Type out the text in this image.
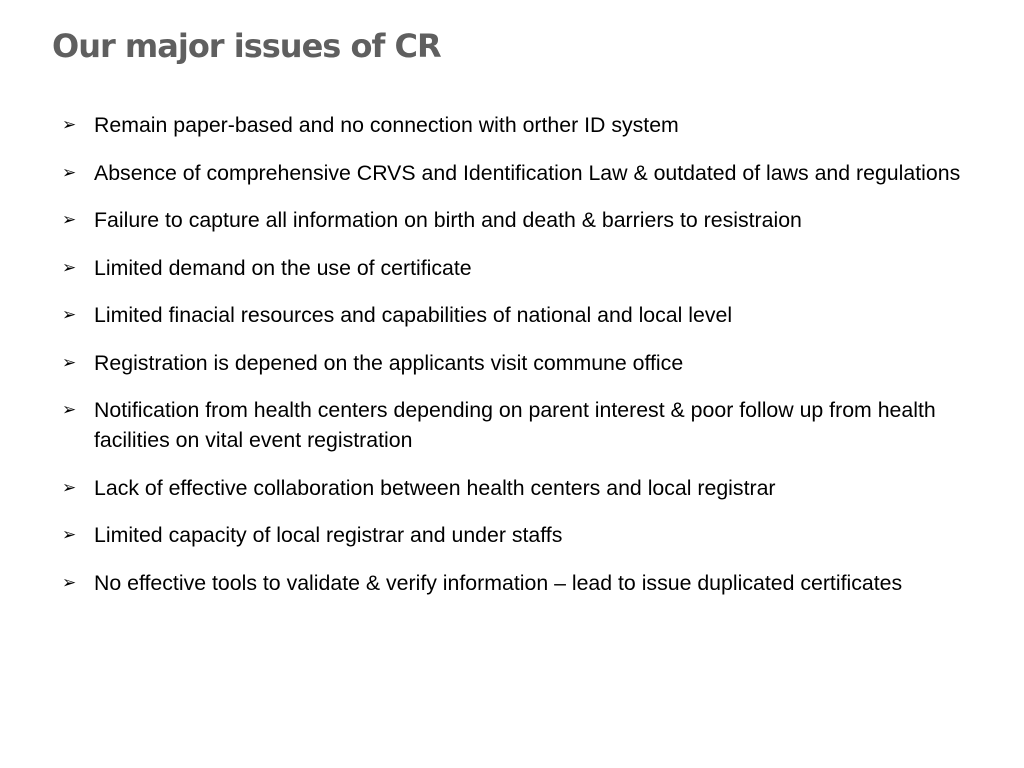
Our major issues of CR
➢ Remain paper-based and no connection with orther ID system
➢ Absence of comprehensive CRVS and Identification Law & outdated of laws and regulations
➢ Failure to capture all information on birth and death & barriers to resistraion
➢ Limited demand on the use of certificate
➢ Limited finacial resources and capabilities of national and local level
➢ Registration is depened on the applicants visit commune office
➢ Notification from health centers depending on parent interest & poor follow up from health facilities on vital event registration
➢ Lack of effective collaboration between health centers and local registrar
➢ Limited capacity of local registrar and under staffs
➢ No effective tools to validate & verify information – lead to issue duplicated certificates
